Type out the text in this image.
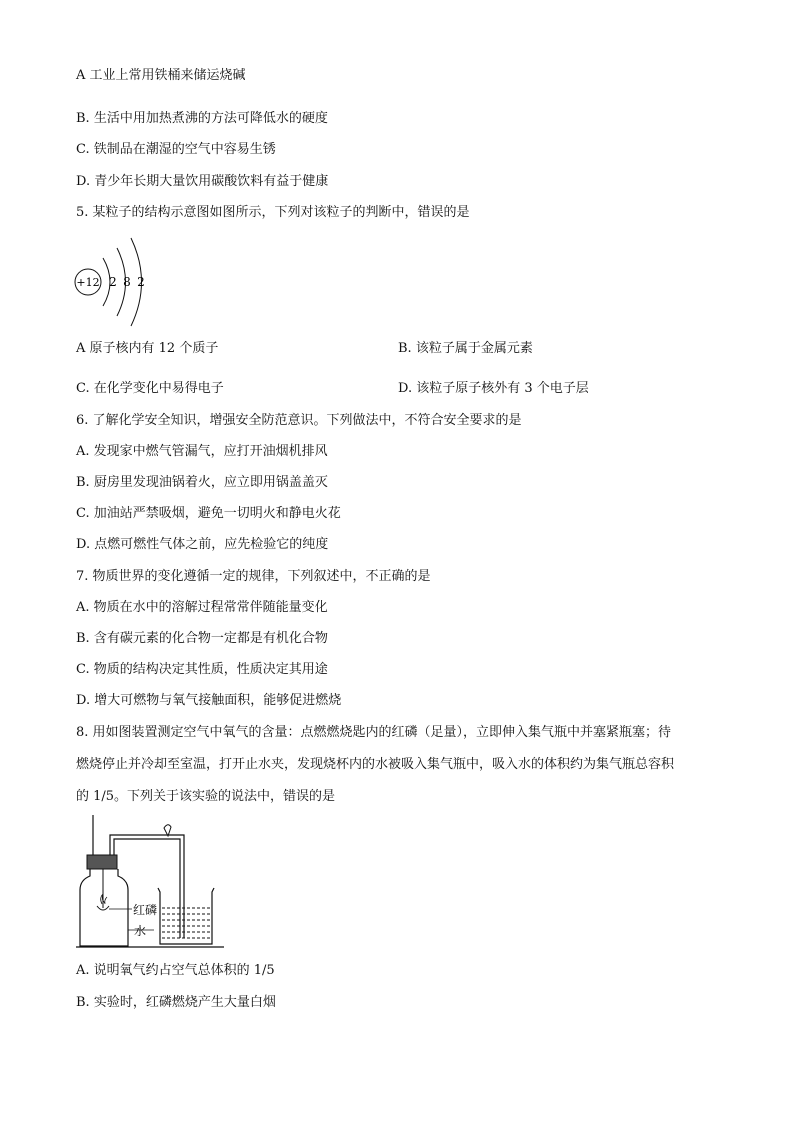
A 工业上常用铁桶来储运烧碱
B. 生活中用加热煮沸的方法可降低水的硬度
C. 铁制品在潮湿的空气中容易生锈
D. 青少年长期大量饮用碳酸饮料有益于健康
5. 某粒子的结构示意图如图所示，下列对该粒子的判断中，错误的是
+12 2 8 2
A 原子核内有 12 个质子	B. 该粒子属于金属元素
C. 在化学变化中易得电子	D. 该粒子原子核外有 3 个电子层
6. 了解化学安全知识，增强安全防范意识。下列做法中，不符合安全要求的是
A. 发现家中燃气管漏气，应打开油烟机排风
B. 厨房里发现油锅着火，应立即用锅盖盖灭
C. 加油站严禁吸烟，避免一切明火和静电火花
D. 点燃可燃性气体之前，应先检验它的纯度
7. 物质世界的变化遵循一定的规律，下列叙述中，不正确的是
A. 物质在水中的溶解过程常常伴随能量变化
B. 含有碳元素的化合物一定都是有机化合物
C. 物质的结构决定其性质，性质决定其用途
D. 增大可燃物与氧气接触面积，能够促进燃烧
8. 用如图装置测定空气中氧气的含量：点燃燃烧匙内的红磷（足量），立即伸入集气瓶中并塞紧瓶塞；待
燃烧停止并冷却至室温，打开止水夹，发现烧杯内的水被吸入集气瓶中，吸入水的体积约为集气瓶总容积
的 1/5。下列关于该实验的说法中，错误的是
红磷
水
A. 说明氧气约占空气总体积的 1/5
B. 实验时，红磷燃烧产生大量白烟
